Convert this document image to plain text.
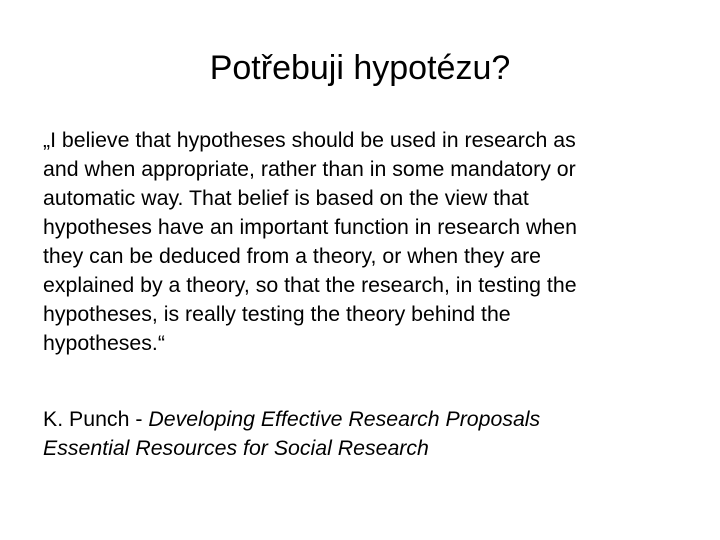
Potřebuji hypotézu?

„I believe that hypotheses should be used in research as
and when appropriate, rather than in some mandatory or
automatic way. That belief is based on the view that
hypotheses have an important function in research when
they can be deduced from a theory, or when they are
explained by a theory, so that the research, in testing the
hypotheses, is really testing the theory behind the
hypotheses.“

K. Punch - Developing Effective Research Proposals
Essential Resources for Social Research
